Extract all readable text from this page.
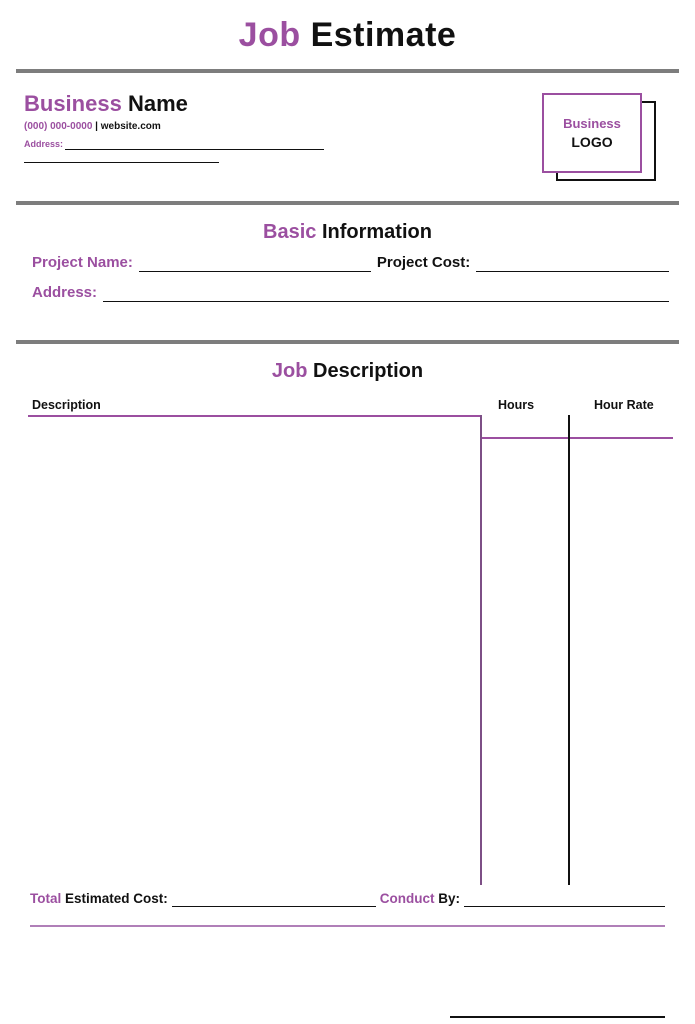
Job Estimate
Business Name
(000) 000-0000 | website.com
Address:
Business
LOGO
Basic Information
Project Name:	Project Cost:
Address:
Job Description
Description	Hours	Hour Rate
Total Estimated Cost:	Conduct By:
